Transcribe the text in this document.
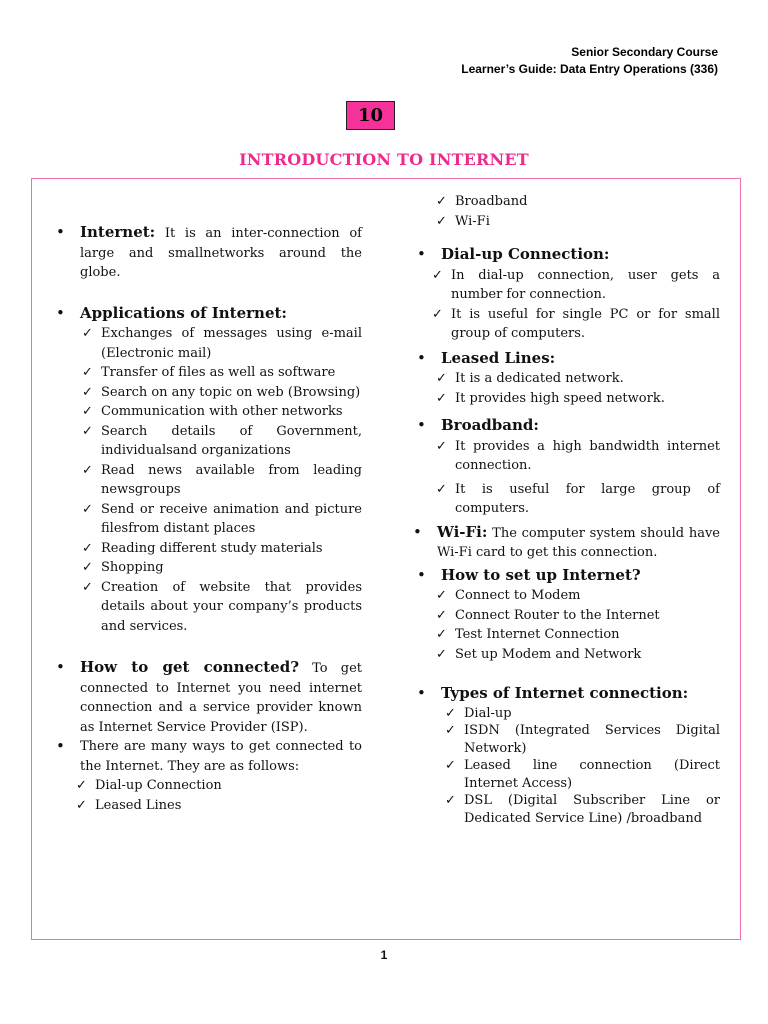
Senior Secondary Course
Learner’s Guide: Data Entry Operations (336)
10
INTRODUCTION TO INTERNET

• Internet: It is an inter-connection of large and smallnetworks around the globe.

• Applications of Internet:

✓ Exchanges of messages using e-mail (Electronic mail)
✓ Transfer of files as well as software
✓ Search on any topic on web (Browsing)
✓ Communication with other networks
✓ Search details of Government, individualsand organizations
✓ Read news available from leading newsgroups
✓ Send or receive animation and picture filesfrom distant places
✓ Reading different study materials
✓ Shopping
✓ Creation of website that provides details about your company’s products and services.

• How to get connected? To get connected to Internet you need internet connection and a service provider known as Internet Service Provider (ISP).

• There are many ways to get connected to the Internet. They are as follows:

✓ Dial-up Connection
✓ Leased Lines
✓ Broadband
✓ Wi-Fi

• Dial-up Connection:

✓ In dial-up connection, user gets a number for connection.
✓ It is useful for single PC or for small group of computers.

• Leased Lines:

✓ It is a dedicated network.
✓ It provides high speed network.

• Broadband:

✓ It provides a high bandwidth internet connection.
✓ It is useful for large group of computers.

• Wi-Fi: The computer system should have Wi-Fi card to get this connection.

• How to set up Internet?

✓ Connect to Modem
✓ Connect Router to the Internet
✓ Test Internet Connection
✓ Set up Modem and Network

• Types of Internet connection:

✓ Dial-up
✓ ISDN (Integrated Services Digital Network)
✓ Leased line connection (Direct Internet Access)
✓ DSL (Digital Subscriber Line or Dedicated Service Line) /broadband
1
